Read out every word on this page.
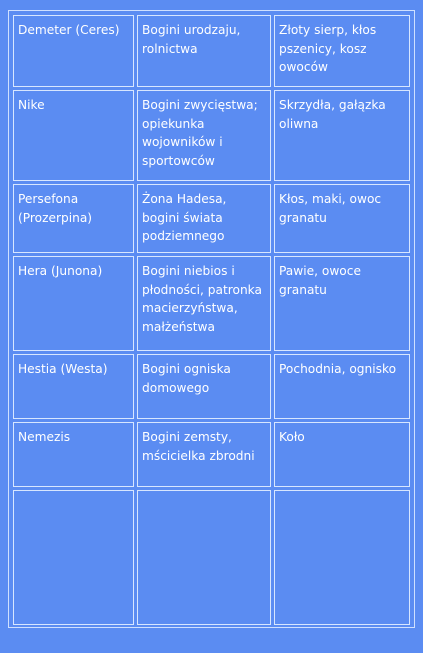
Demeter (Ceres)	Bogini urodzaju, rolnictwa	Złoty sierp, kłos pszenicy, kosz owoców
Nike	Bogini zwycięstwa; opiekunka wojowników i sportowców	Skrzydła, gałązka oliwna
Persefona (Prozerpina)	Żona Hadesa, bogini świata podziemnego	Kłos, maki, owoc granatu
Hera (Junona)	Bogini niebios i płodności, patronka macierzyństwa, małżeństwa	Pawie, owoce granatu
Hestia (Westa)	Bogini ogniska domowego	Pochodnia, ognisko
Nemezis	Bogini zemsty, mścicielka zbrodni	Koło
